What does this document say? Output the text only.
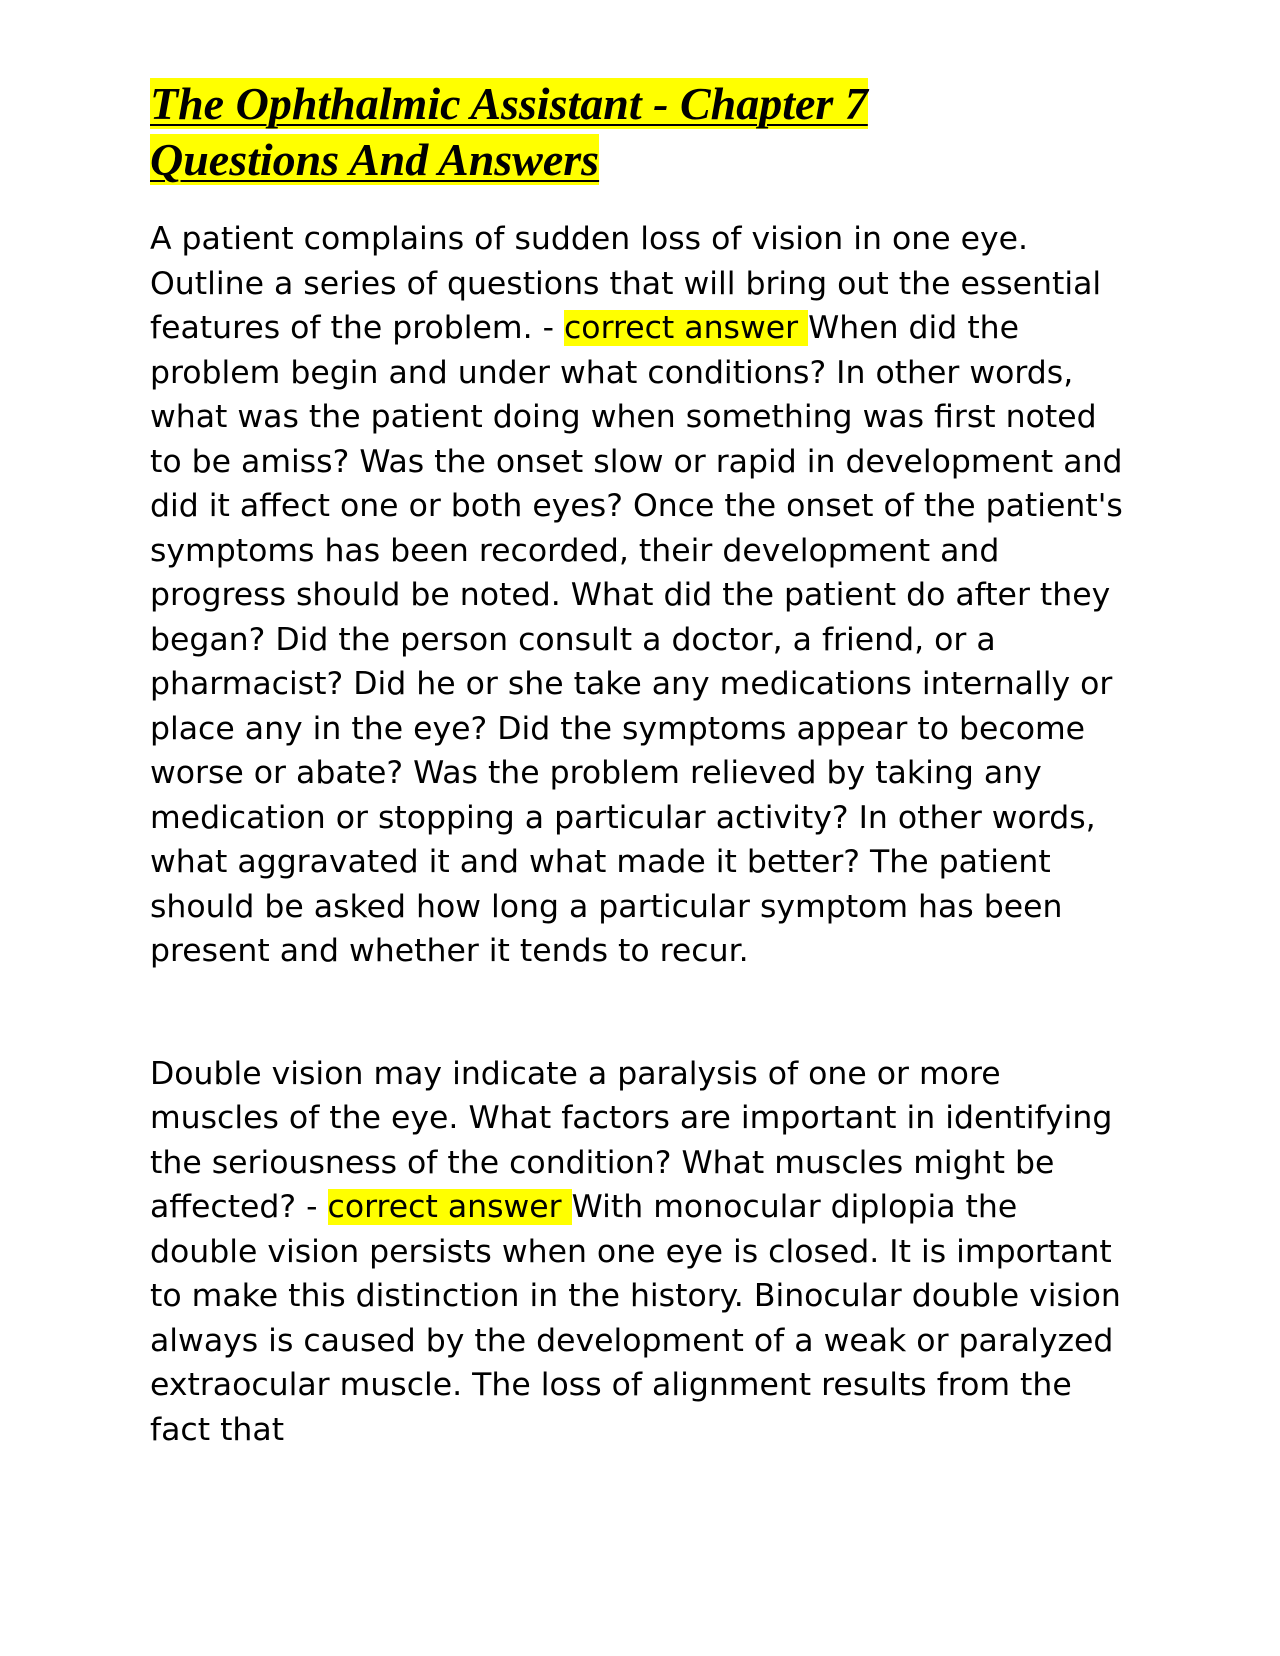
The Ophthalmic Assistant - Chapter 7
Questions And Answers

A patient complains of sudden loss of vision in one eye. Outline a series of questions that will bring out the essential features of the problem. - correct answer When did the problem begin and under what conditions? In other words, what was the patient doing when something was first noted to be amiss? Was the onset slow or rapid in development and did it affect one or both eyes? Once the onset of the patient's symptoms has been recorded, their development and progress should be noted. What did the patient do after they began? Did the person consult a doctor, a friend, or a pharmacist? Did he or she take any medications internally or place any in the eye? Did the symptoms appear to become worse or abate? Was the problem relieved by taking any medication or stopping a particular activity? In other words, what aggravated it and what made it better? The patient should be asked how long a particular symptom has been present and whether it tends to recur.

Double vision may indicate a paralysis of one or more muscles of the eye. What factors are important in identifying the seriousness of the condition? What muscles might be affected? - correct answer With monocular diplopia the double vision persists when one eye is closed. It is important to make this distinction in the history. Binocular double vision always is caused by the development of a weak or paralyzed extraocular muscle. The loss of alignment results from the fact that
